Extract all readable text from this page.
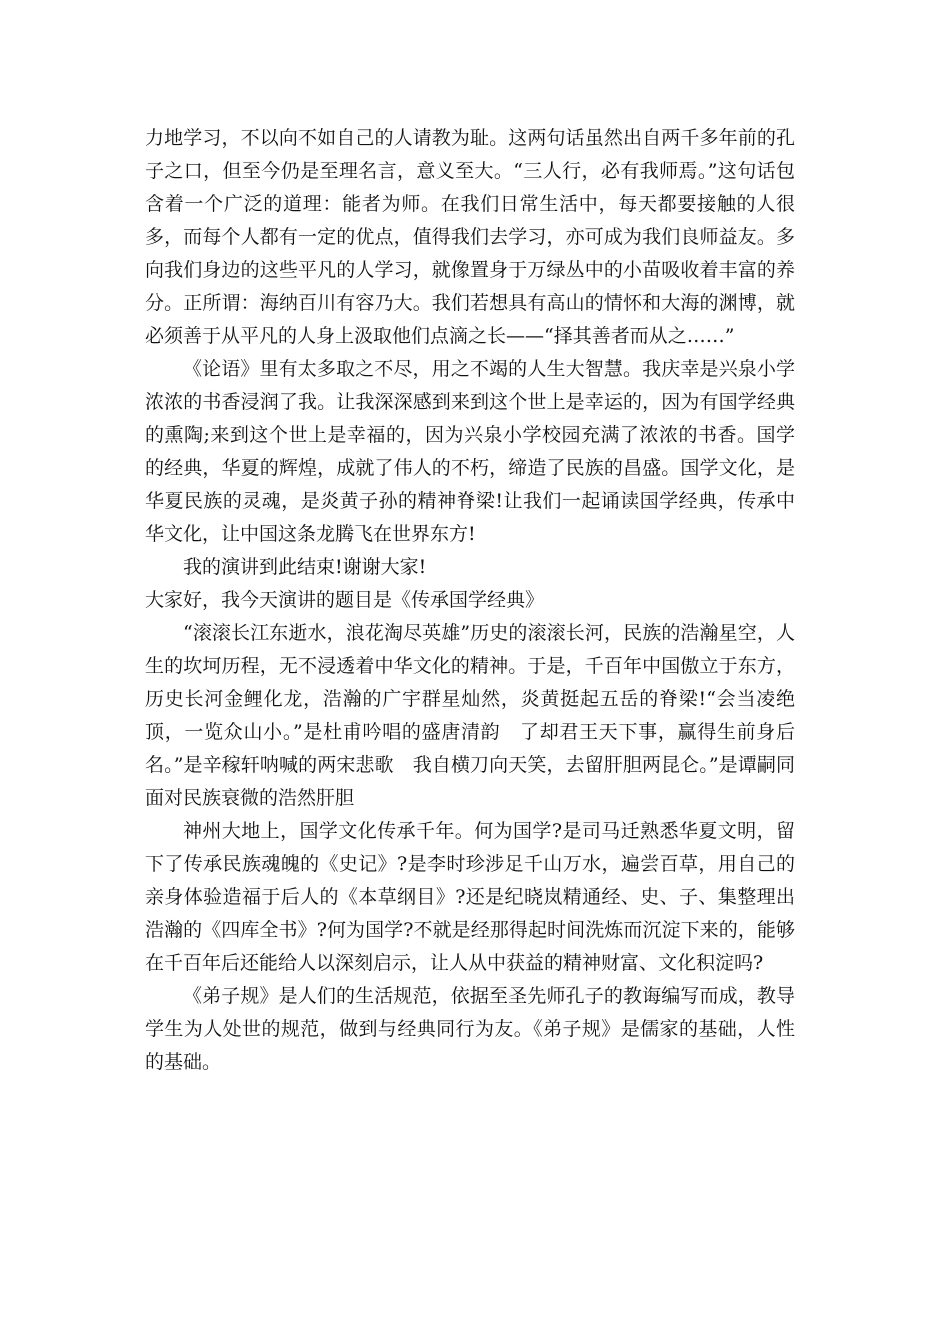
力地学习，不以向不如自己的人请教为耻。这两句话虽然出自两千多年前的孔子之口，但至今仍是至理名言，意义至大。“三人行，必有我师焉。”这句话包含着一个广泛的道理：能者为师。在我们日常生活中，每天都要接触的人很多，而每个人都有一定的优点，值得我们去学习，亦可成为我们良师益友。多向我们身边的这些平凡的人学习，就像置身于万绿丛中的小苗吸收着丰富的养分。正所谓：海纳百川有容乃大。我们若想具有高山的情怀和大海的渊博，就必须善于从平凡的人身上汲取他们点滴之长——“择其善者而从之……”

《论语》里有太多取之不尽，用之不竭的人生大智慧。我庆幸是兴泉小学浓浓的书香浸润了我。让我深深感到来到这个世上是幸运的，因为有国学经典的熏陶;来到这个世上是幸福的，因为兴泉小学校园充满了浓浓的书香。国学的经典，华夏的辉煌，成就了伟人的不朽，缔造了民族的昌盛。国学文化，是华夏民族的灵魂，是炎黄子孙的精神脊梁!让我们一起诵读国学经典，传承中华文化，让中国这条龙腾飞在世界东方!

我的演讲到此结束!谢谢大家!

大家好，我今天演讲的题目是《传承国学经典》

“滚滚长江东逝水，浪花淘尽英雄”历史的滚滚长河，民族的浩瀚星空，人生的坎坷历程，无不浸透着中华文化的精神。于是，千百年中国傲立于东方，历史长河金鲤化龙，浩瀚的广宇群星灿然，炎黄挺起五岳的脊梁!“会当凌绝顶，一览众山小。”是杜甫吟唱的盛唐清韵　了却君王天下事，赢得生前身后名。”是辛稼轩呐喊的两宋悲歌　我自横刀向天笑，去留肝胆两昆仑。”是谭嗣同面对民族衰微的浩然肝胆

神州大地上，国学文化传承千年。何为国学?是司马迁熟悉华夏文明，留下了传承民族魂魄的《史记》?是李时珍涉足千山万水，遍尝百草，用自己的亲身体验造福于后人的《本草纲目》?还是纪晓岚精通经、史、子、集整理出浩瀚的《四库全书》?何为国学?不就是经那得起时间洗炼而沉淀下来的，能够在千百年后还能给人以深刻启示，让人从中获益的精神财富、文化积淀吗?

《弟子规》是人们的生活规范，依据至圣先师孔子的教诲编写而成，教导学生为人处世的规范，做到与经典同行为友。《弟子规》是儒家的基础，人性的基础。
